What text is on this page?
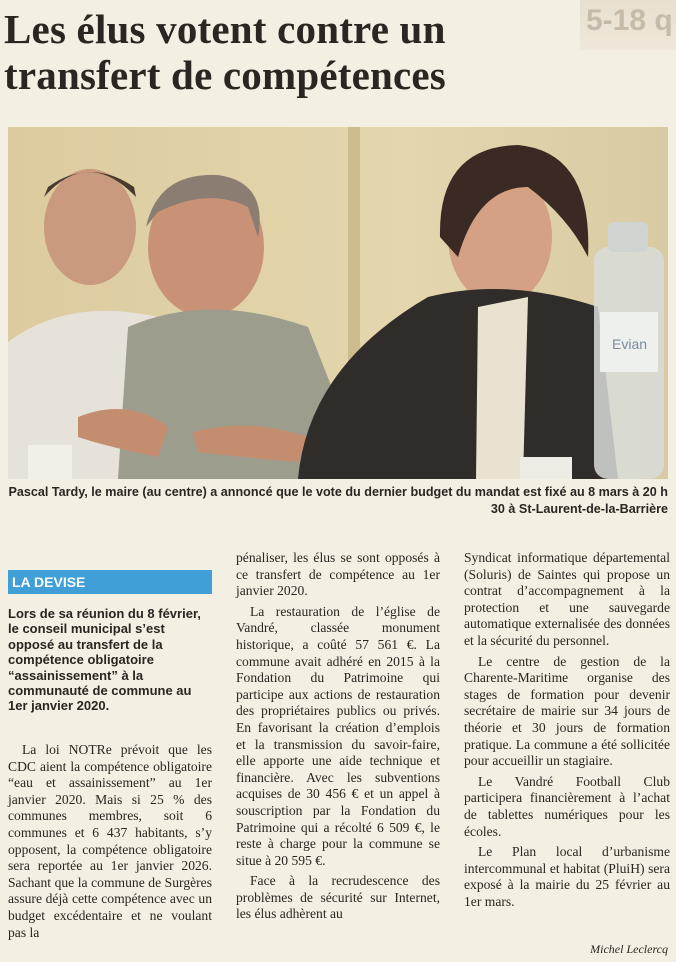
Les élus votent contre un transfert de compétences
5-18 q
Evian
Pascal Tardy, le maire (au centre) a annoncé que le vote du dernier budget du mandat est fixé au 8 mars à 20 h 30 à St-Laurent-de-la-Barrière
LA DEVISE

Lors de sa réunion du 8 février, le conseil municipal s’est opposé au transfert de la compétence obligatoire “assainissement” à la communauté de commune au 1er janvier 2020.

La loi NOTRe prévoit que les CDC aient la compétence obligatoire “eau et assainissement” au 1er janvier 2020. Mais si 25 % des communes membres, soit 6 communes et 6 437 habitants, s’y opposent, la compétence obligatoire sera reportée au 1er janvier 2026. Sachant que la commune de Surgères assure déjà cette compétence avec un budget excédentaire et ne voulant pas la

pénaliser, les élus se sont opposés à ce transfert de compétence au 1er janvier 2020.

La restauration de l’église de Vandré, classée monument historique, a coûté 57 561 €. La commune avait adhéré en 2015 à la Fondation du Patrimoine qui participe aux actions de restauration des propriétaires publics ou privés. En favorisant la création d’emplois et la transmission du savoir-faire, elle apporte une aide technique et financière. Avec les subventions acquises de 30 456 € et un appel à souscription par la Fondation du Patrimoine qui a récolté 6 509 €, le reste à charge pour la commune se situe à 20 595 €.

Face à la recrudescence des problèmes de sécurité sur Internet, les élus adhèrent au

Syndicat informatique départemental (Soluris) de Saintes qui propose un contrat d’accompagnement à la protection et une sauvegarde automatique externalisée des données et la sécurité du personnel.

Le centre de gestion de la Charente-Maritime organise des stages de formation pour devenir secrétaire de mairie sur 34 jours de théorie et 30 jours de formation pratique. La commune a été sollicitée pour accueillir un stagiaire.

Le Vandré Football Club participera financièrement à l’achat de tablettes numériques pour les écoles.

Le Plan local d’urbanisme intercommunal et habitat (PluiH) sera exposé à la mairie du 25 février au 1er mars.

Michel Leclercq
